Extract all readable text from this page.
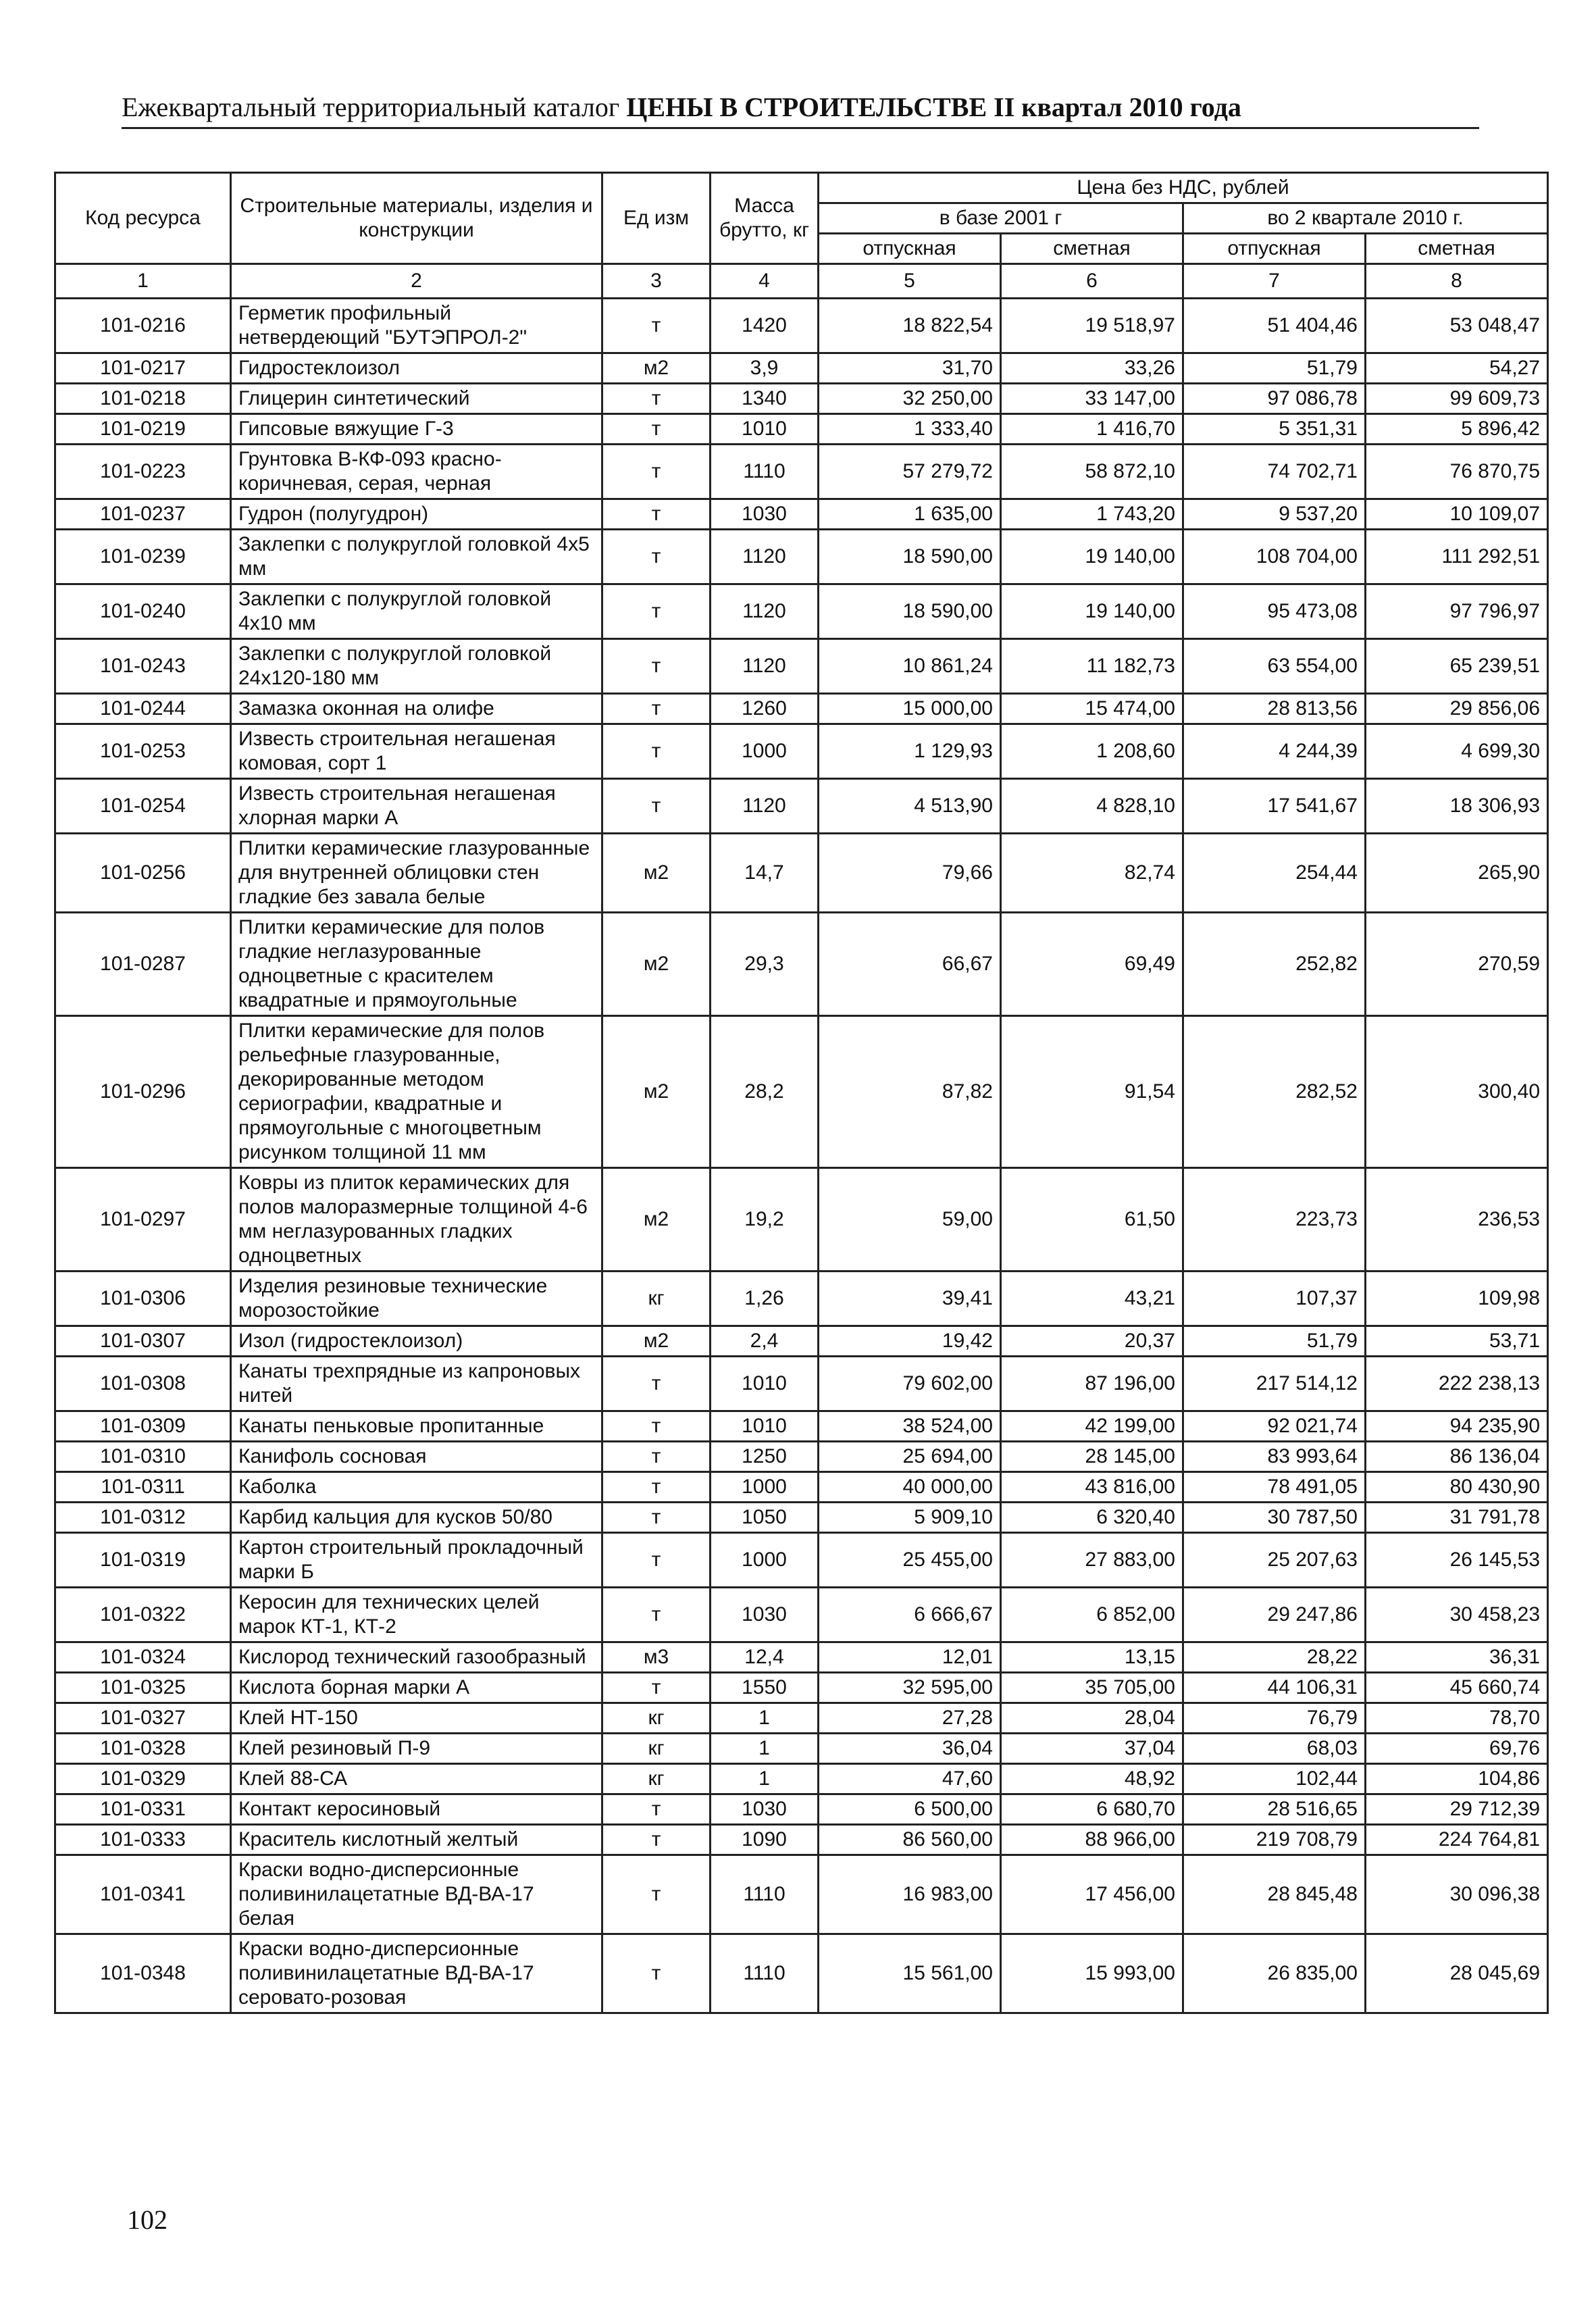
Ежеквартальный территориальный каталог ЦЕНЫ В СТРОИТЕЛЬСТВЕ II квартал 2010 года
Код ресурса	Строительные материалы, изделия и конструкции	Ед изм	Масса брутто, кг	Цена без НДС, рублей			
				в базе 2001 г		во 2 квартале 2010 г.	
				отпускная	сметная	отпускная	сметная
1	2	3	4	5	6	7	8
101-0216	Герметик профильный нетвердеющий "БУТЭПРОЛ-2"	т	1420	18 822,54	19 518,97	51 404,46	53 048,47
101-0217	Гидростеклоизол	м2	3,9	31,70	33,26	51,79	54,27
101-0218	Глицерин синтетический	т	1340	32 250,00	33 147,00	97 086,78	99 609,73
101-0219	Гипсовые вяжущие Г-3	т	1010	1 333,40	1 416,70	5 351,31	5 896,42
101-0223	Грунтовка В-КФ-093 красно-коричневая, серая, черная	т	1110	57 279,72	58 872,10	74 702,71	76 870,75
101-0237	Гудрон (полугудрон)	т	1030	1 635,00	1 743,20	9 537,20	10 109,07
101-0239	Заклепки с полукруглой головкой 4х5 мм	т	1120	18 590,00	19 140,00	108 704,00	111 292,51
101-0240	Заклепки с полукруглой головкой 4х10 мм	т	1120	18 590,00	19 140,00	95 473,08	97 796,97
101-0243	Заклепки с полукруглой головкой 24х120-180 мм	т	1120	10 861,24	11 182,73	63 554,00	65 239,51
101-0244	Замазка оконная на олифе	т	1260	15 000,00	15 474,00	28 813,56	29 856,06
101-0253	Известь строительная негашеная комовая, сорт 1	т	1000	1 129,93	1 208,60	4 244,39	4 699,30
101-0254	Известь строительная негашеная хлорная марки А	т	1120	4 513,90	4 828,10	17 541,67	18 306,93
101-0256	Плитки керамические глазурованные для внутренней облицовки стен гладкие без завала белые	м2	14,7	79,66	82,74	254,44	265,90
101-0287	Плитки керамические для полов гладкие неглазурованные одноцветные с красителем квадратные и прямоугольные	м2	29,3	66,67	69,49	252,82	270,59
101-0296	Плитки керамические для полов рельефные глазурованные, декорированные методом сериографии, квадратные и прямоугольные с многоцветным рисунком толщиной 11 мм	м2	28,2	87,82	91,54	282,52	300,40
101-0297	Ковры из плиток керамических для полов малоразмерные толщиной 4-6 мм неглазурованных гладких одноцветных	м2	19,2	59,00	61,50	223,73	236,53
101-0306	Изделия резиновые технические морозостойкие	кг	1,26	39,41	43,21	107,37	109,98
101-0307	Изол (гидростеклоизол)	м2	2,4	19,42	20,37	51,79	53,71
101-0308	Канаты трехпрядные из капроновых нитей	т	1010	79 602,00	87 196,00	217 514,12	222 238,13
101-0309	Канаты пеньковые пропитанные	т	1010	38 524,00	42 199,00	92 021,74	94 235,90
101-0310	Канифоль сосновая	т	1250	25 694,00	28 145,00	83 993,64	86 136,04
101-0311	Каболка	т	1000	40 000,00	43 816,00	78 491,05	80 430,90
101-0312	Карбид кальция для кусков 50/80	т	1050	5 909,10	6 320,40	30 787,50	31 791,78
101-0319	Картон строительный прокладочный марки Б	т	1000	25 455,00	27 883,00	25 207,63	26 145,53
101-0322	Керосин для технических целей марок КТ-1, КТ-2	т	1030	6 666,67	6 852,00	29 247,86	30 458,23
101-0324	Кислород технический газообразный	м3	12,4	12,01	13,15	28,22	36,31
101-0325	Кислота борная марки А	т	1550	32 595,00	35 705,00	44 106,31	45 660,74
101-0327	Клей НТ-150	кг	1	27,28	28,04	76,79	78,70
101-0328	Клей резиновый П-9	кг	1	36,04	37,04	68,03	69,76
101-0329	Клей 88-СА	кг	1	47,60	48,92	102,44	104,86
101-0331	Контакт керосиновый	т	1030	6 500,00	6 680,70	28 516,65	29 712,39
101-0333	Краситель кислотный желтый	т	1090	86 560,00	88 966,00	219 708,79	224 764,81
101-0341	Краски водно-дисперсионные поливинилацетатные ВД-ВА-17 белая	т	1110	16 983,00	17 456,00	28 845,48	30 096,38
101-0348	Краски водно-дисперсионные поливинилацетатные ВД-ВА-17 серовато-розовая	т	1110	15 561,00	15 993,00	26 835,00	28 045,69
102
